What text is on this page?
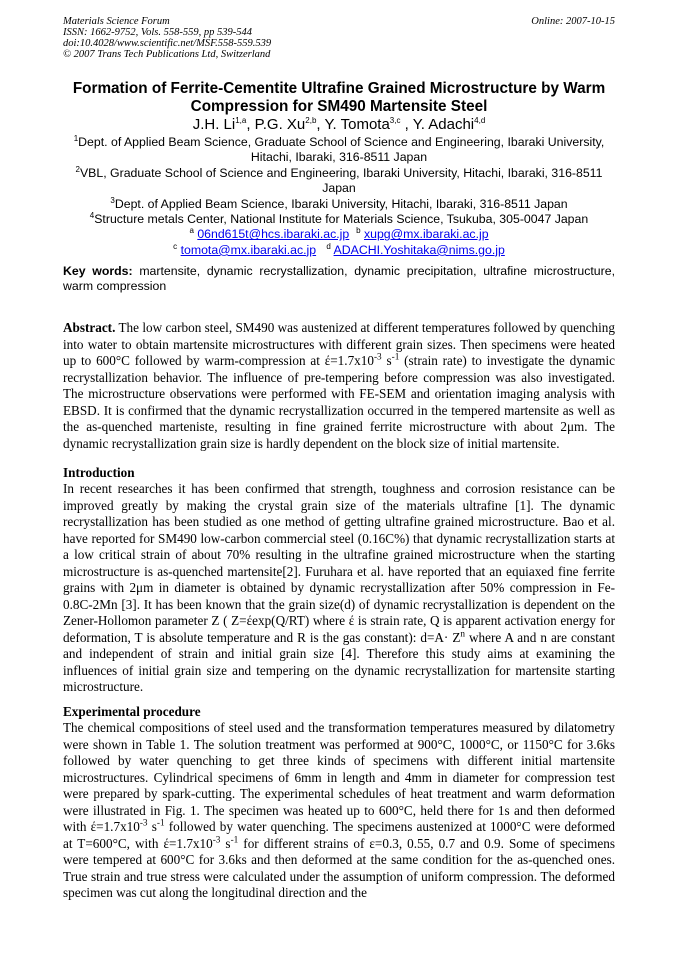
Materials Science Forum
ISSN: 1662-9752, Vols. 558-559, pp 539-544
doi:10.4028/www.scientific.net/MSF.558-559.539
© 2007 Trans Tech Publications Ltd, Switzerland
Online: 2007-10-15
Formation of Ferrite-Cementite Ultrafine Grained Microstructure by Warm Compression for SM490 Martensite Steel
J.H. Li$^{1,a}$, P.G. Xu$^{2,b}$, Y. Tomota$^{3,c}$ , Y. Adachi$^{4,d}$
$^1$Dept. of Applied Beam Science, Graduate School of Science and Engineering, Ibaraki University, Hitachi, Ibaraki, 316-8511 Japan
$^2$VBL, Graduate School of Science and Engineering, Ibaraki University, Hitachi, Ibaraki, 316-8511 Japan
$^3$Dept. of Applied Beam Science, Ibaraki University, Hitachi, Ibaraki, 316-8511 Japan
$^4$Structure metals Center, National Institute for Materials Science, Tsukuba, 305-0047 Japan
$^a$ 06nd615t@hcs.ibaraki.ac.jp $^b$ xupg@mx.ibaraki.ac.jp
$^c$ tomota@mx.ibaraki.ac.jp $^d$ ADACHI.Yoshitaka@nims.go.jp
Key words: martensite, dynamic recrystallization, dynamic precipitation, ultrafine microstructure, warm compression
Abstract. The low carbon steel, SM490 was austenized at different temperatures followed by quenching into water to obtain martensite microstructures with different grain sizes. Then specimens were heated up to 600°C followed by warm-compression at $έ=1.7x10^{-3}$ $s^{-1}$ (strain rate) to investigate the dynamic recrystallization behavior. The influence of pre-tempering before compression was also investigated. The microstructure observations were performed with FE-SEM and orientation imaging analysis with EBSD. It is confirmed that the dynamic recrystallization occurred in the tempered martensite as well as the as-quenched marteniste, resulting in fine grained ferrite microstructure with about 2μm. The dynamic recrystallization grain size is hardly dependent on the block size of initial martensite.
Introduction
In recent researches it has been confirmed that strength, toughness and corrosion resistance can be improved greatly by making the crystal grain size of the materials ultrafine [1]. The dynamic recrystallization has been studied as one method of getting ultrafine grained microstructure. Bao et al. have reported for SM490 low-carbon commercial steel (0.16C%) that dynamic recrystallization starts at a low critical strain of about 70% resulting in the ultrafine grained microstructure when the starting microstructure is as-quenched martensite[2]. Furuhara et al. have reported that an equiaxed fine ferrite grains with 2μm in diameter is obtained by dynamic recrystallization after 50% compression in Fe-0.8C-2Mn [3]. It has been known that the grain size(d) of dynamic recrystallization is dependent on the Zener-Hollomon parameter Z ( Z=έexp(Q/RT) where έ is strain rate, Q is apparent activation energy for deformation, T is absolute temperature and R is the gas constant): $d=A\cdot Z^n$ where A and n are constant and independent of strain and initial grain size [4]. Therefore this study aims at examining the influences of initial grain size and tempering on the dynamic recrystallization for martensite starting microstructure.
Experimental procedure
The chemical compositions of steel used and the transformation temperatures measured by dilatometry were shown in Table 1. The solution treatment was performed at 900°C, 1000°C, or 1150°C for 3.6ks followed by water quenching to get three kinds of specimens with different initial martensite microstructures. Cylindrical specimens of 6mm in length and 4mm in diameter for compression test were prepared by spark-cutting. The experimental schedules of heat treatment and warm deformation were illustrated in Fig. 1. The specimen was heated up to 600°C, held there for 1s and then deformed with $έ=1.7x10^{-3}$ $s^{-1}$ followed by water quenching. The specimens austenized at 1000°C were deformed at T=600°C, with $έ=1.7x10^{-3}$ $s^{-1}$ for different strains of ε=0.3, 0.55, 0.7 and 0.9. Some of specimens were tempered at 600°C for 3.6ks and then deformed at the same condition for the as-quenched ones. True strain and true stress were calculated under the assumption of uniform compression. The deformed specimen was cut along the longitudinal direction and the
